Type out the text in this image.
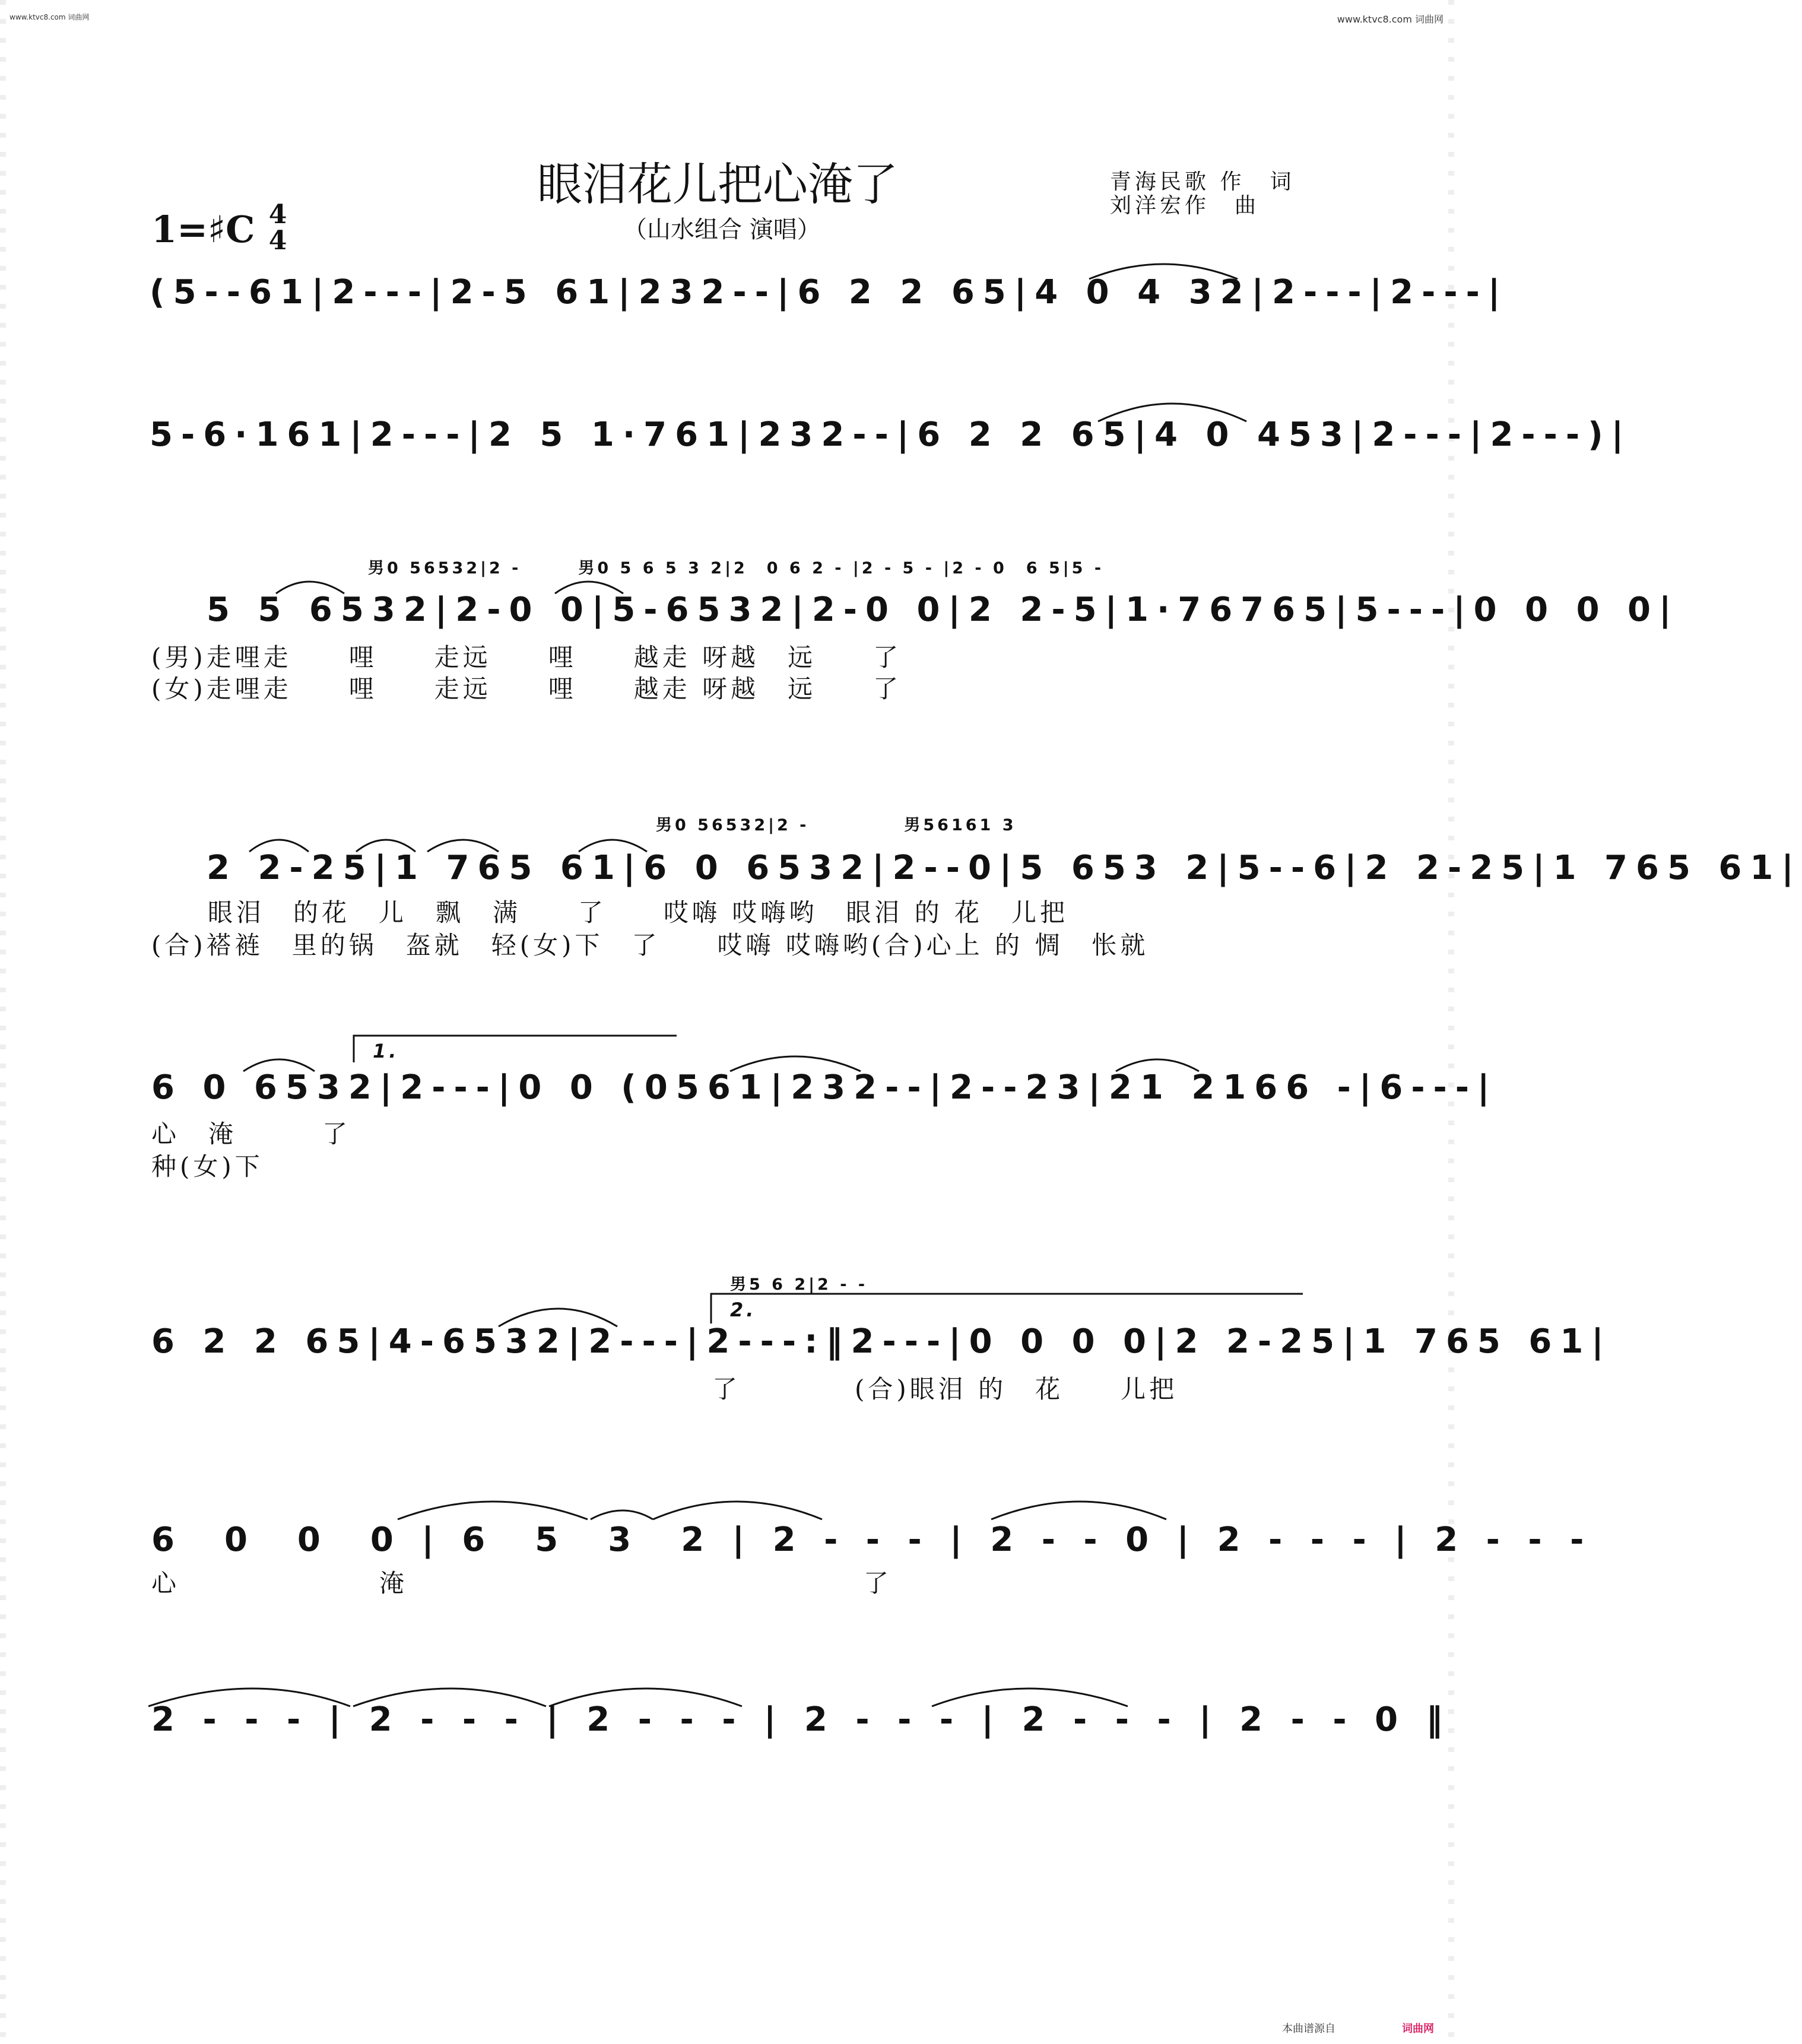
www.ktvc8.com 词曲网	www.ktvc8.com 词曲网
眼泪花儿把心淹了
（山水组合 演唱）
青海民歌 作　词
刘洋宏作　曲
1=♯C 4
4
(5--61|2---|2-5 61|232--|6 2 2 65|4 0 4 32|2---|2---|
5-6·161|2---|2 5 1·761|232--|6 2 2 65|4 0 453|2---|2---)|
男0 56532|2 -　　　男0 5 6 5 3 2|2　0 6 2 - |2 - 5 - |2 - 0　6 5|5 -
5 5 6532|2-0 0|5-6532|2-0 0|2 2-5|1·76765|5---|0 0 0 0|
(男)走哩走　　哩　　走远　　哩　　越走 呀越　远　　了
(女)走哩走　　哩　　走远　　哩　　越走 呀越　远　　了
男0 56532|2 -　　　　　男56161 3
2 2-25|1 765 61|6 0 6532|2--0|5 653 2|5--6|2 2-25|1 765 61|
眼泪　的花　儿　飘　满　　了　　哎嗨 哎嗨哟　眼泪 的 花　儿把
(合)褡裢　里的锅　盔就　轻(女)下　了　　哎嗨 哎嗨哟(合)心上 的 惆　怅就
1.
6 0 6532|2---|0 0 (0561|232--|2--23|21 2166 -|6---|
心　淹　　　了
种(女)下
男5 6 2|2 - -
2.
6 2 2 65|4-6532|2---|2---:‖2---|0 0 0 0|2 2-25|1 765 61|
了　　　　(合)眼泪 的　花　　儿把
6　0　0　0 | 6　5　3　2 | 2 - - - | 2 - - 0 | 2 - - - | 2 - - -
心　　　　　　　淹　　　　　　　　　　　　　　　　了
2 - - - | 2 - - - | 2 - - - | 2 - - - | 2 - - - | 2 - - 0 ‖
本曲谱源自	词曲网
